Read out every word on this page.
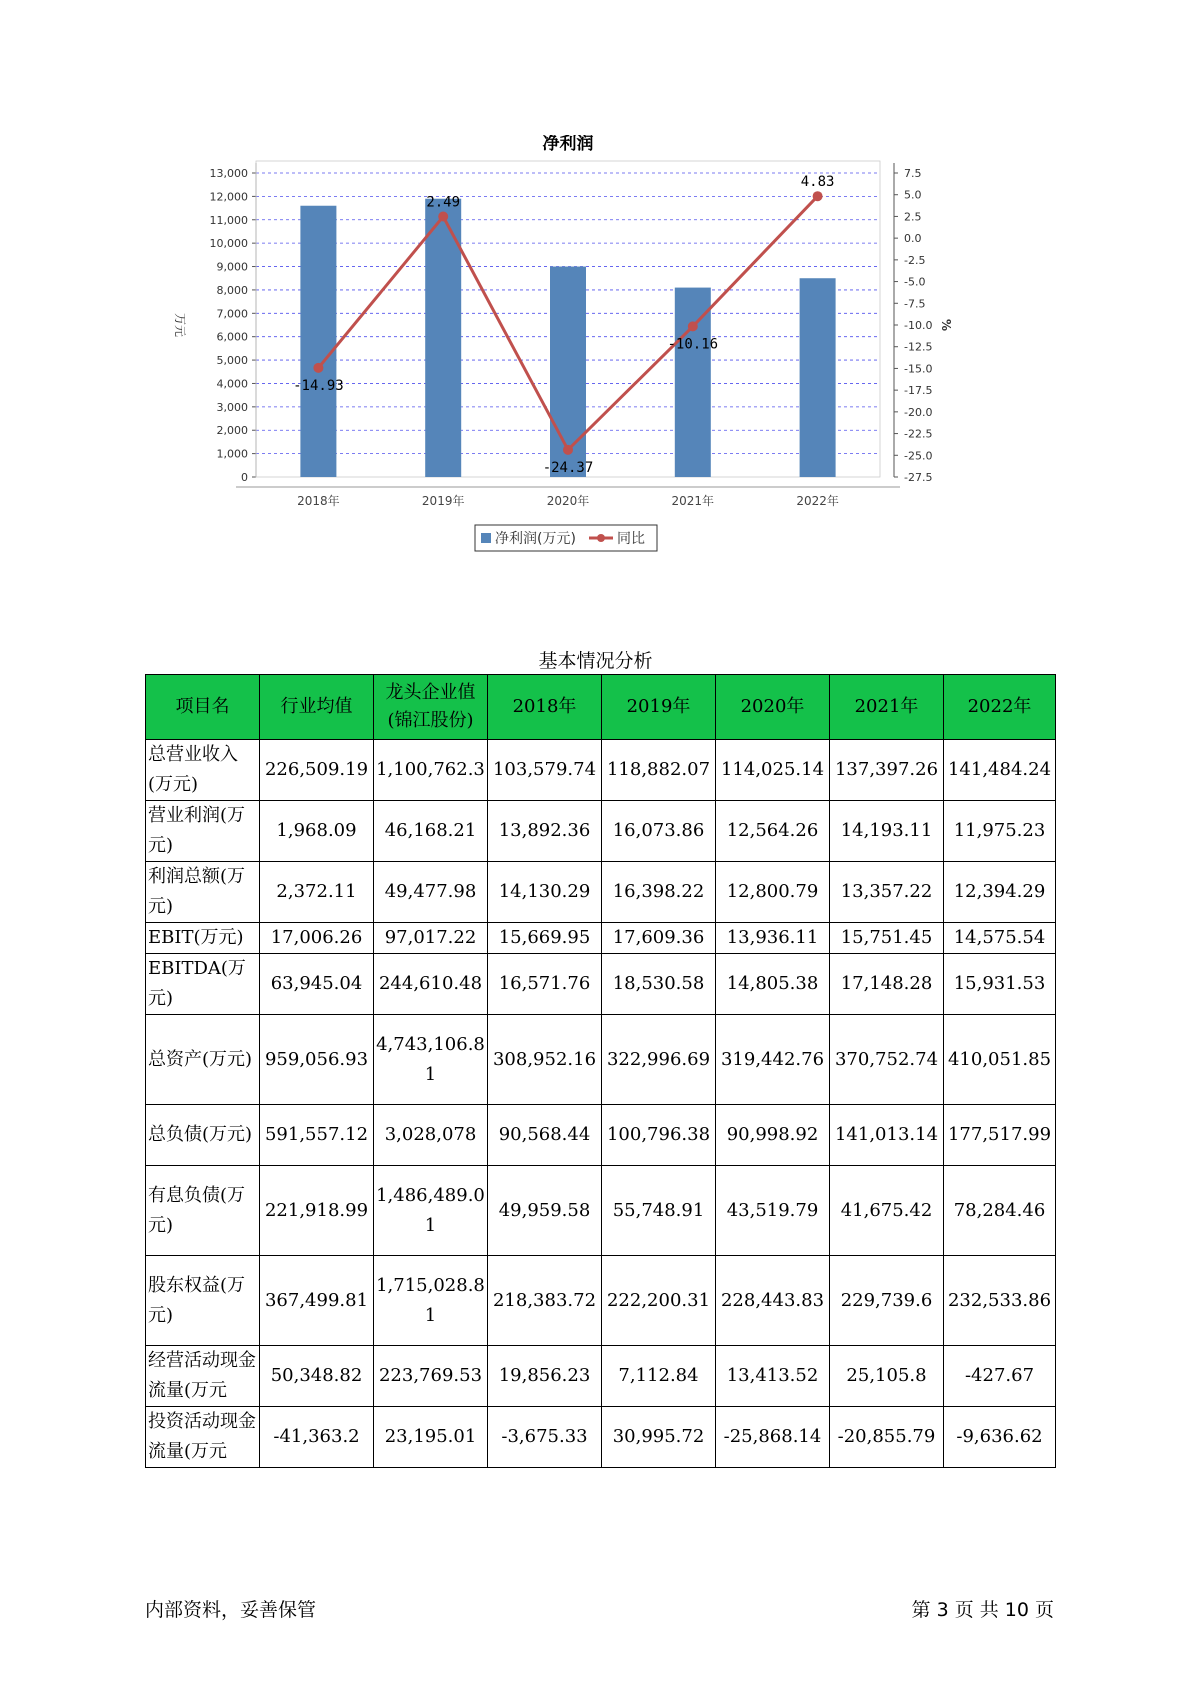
净利润
0
1,000
2,000
3,000
4,000
5,000
6,000
7,000
8,000
9,000
10,000
11,000
12,000
13,000	7.5
5.0
2.5
0.0
-2.5
-5.0
-7.5
-10.0
-12.5
-15.0
-17.5
-20.0
-22.5
-25.0
-27.5
万元	%
2018年	2019年	2020年	2021年	2022年
-14.93
2.49
-24.37
-10.16
4.83
净利润(万元)	同比
基本情况分析
项目名	行业均值	龙头企业值(锦江股份)	2018年	2019年	2020年	2021年	2022年
总营业收入(万元)	226,509.19	1,100,762.3	103,579.74	118,882.07	114,025.14	137,397.26	141,484.24
营业利润(万元)	1,968.09	46,168.21	13,892.36	16,073.86	12,564.26	14,193.11	11,975.23
利润总额(万元)	2,372.11	49,477.98	14,130.29	16,398.22	12,800.79	13,357.22	12,394.29
EBIT(万元)	17,006.26	97,017.22	15,669.95	17,609.36	13,936.11	15,751.45	14,575.54
EBITDA(万元)	63,945.04	244,610.48	16,571.76	18,530.58	14,805.38	17,148.28	15,931.53
总资产(万元)	959,056.93	4,743,106.81	308,952.16	322,996.69	319,442.76	370,752.74	410,051.85
总负债(万元)	591,557.12	3,028,078	90,568.44	100,796.38	90,998.92	141,013.14	177,517.99
有息负债(万元)	221,918.99	1,486,489.01	49,959.58	55,748.91	43,519.79	41,675.42	78,284.46
股东权益(万元)	367,499.81	1,715,028.81	218,383.72	222,200.31	228,443.83	229,739.6	232,533.86
经营活动现金流量(万元	50,348.82	223,769.53	19,856.23	7,112.84	13,413.52	25,105.8	-427.67
投资活动现金流量(万元	-41,363.2	23,195.01	-3,675.33	30,995.72	-25,868.14	-20,855.79	-9,636.62
内部资料，妥善保管	第 3 页 共 10 页
